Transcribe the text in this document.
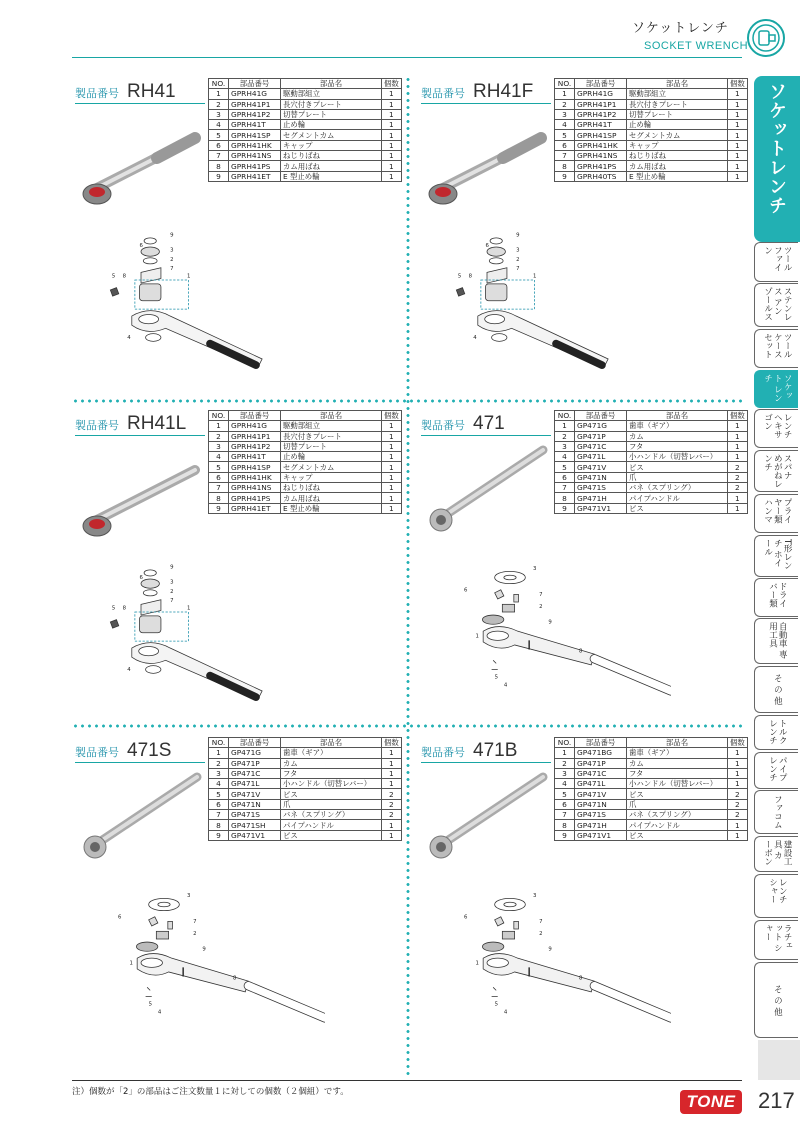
ソケットレンチ
SOCKET WRENCH
製品番号 RH41	NO.	部品番号	部品名	個数
1	GPRH41G	駆動部組立	1
2	GPRH41P1	長穴付きプレート	1
3	GPRH41P2	切替プレート	1
4	GPRH41T	止め輪	1
5	GPRH41SP	セグメントカム	1
6	GPRH41HK	キャップ	1
7	GPRH41NS	ねじりばね	1
8	GPRH41PS	カム用ばね	1
9	GPRH41ET	E 型止め輪	1
9
6
3
2
7
5 8	1
4
製品番号 RH41F	NO.	部品番号	部品名	個数
1	GPRH41G	駆動部組立	1
2	GPRH41P1	長穴付きプレート	1
3	GPRH41P2	切替プレート	1
4	GPRH41T	止め輪	1
5	GPRH41SP	セグメントカム	1
6	GPRH41HK	キャップ	1
7	GPRH41NS	ねじりばね	1
8	GPRH41PS	カム用ばね	1
9	GPRH40TS	E 型止め輪	1
9
6
3
2
7
5 8	1
4
製品番号 RH41L	NO.	部品番号	部品名	個数
1	GPRH41G	駆動部組立	1
2	GPRH41P1	長穴付きプレート	1
3	GPRH41P2	切替プレート	1
4	GPRH41T	止め輪	1
5	GPRH41SP	セグメントカム	1
6	GPRH41HK	キャップ	1
7	GPRH41NS	ねじりばね	1
8	GPRH41PS	カム用ばね	1
9	GPRH41ET	E 型止め輪	1
9
6
3
2
7
5 8	1
4
製品番号 471	NO.	部品番号	部品名	個数
1	GP471G	歯車（ギア）	1
2	GP471P	カム	1
3	GP471C	フタ	1
4	GP471L	小ハンドル（切替レバー）	1
5	GP471V	ビス	2
6	GP471N	爪	2
7	GP471S	バネ（スプリング）	2
8	GP471H	パイプハンドル	1
9	GP471V1	ビス	1
3
6
7
2
9
1
8
5
4
製品番号 471S	NO.	部品番号	部品名	個数
1	GP471G	歯車（ギア）	1
2	GP471P	カム	1
3	GP471C	フタ	1
4	GP471L	小ハンドル（切替レバー）	1
5	GP471V	ビス	2
6	GP471N	爪	2
7	GP471S	バネ（スプリング）	2
8	GP471SH	パイプハンドル	1
9	GP471V1	ビス	1
3
6
7
2
9
1
8
5
4
製品番号 471B	NO.	部品番号	部品名	個数
1	GP471BG	歯車（ギア）	1
2	GP471P	カム	1
3	GP471C	フタ	1
4	GP471L	小ハンドル（切替レバー）	1
5	GP471V	ビス	2
6	GP471N	爪	2
7	GP471S	バネ（スプリング）	2
8	GP471H	パイプハンドル	1
9	GP471V1	ビス	1
3
6
7
2
9
1
8
5
4
ソケットレンチ
ツール ファイン
ステンレス アンゾールス
ツールケース セット
ソケット レンチ
レンチ ヘキサゴン
スパナ めがねレンチ
プライヤー類 ハンマ
T形レンチ ホイール
ドライバー類
自動車 専用工具
そ の 他
トルクレンチ
パイプレンチ
ファコム
建設工具 カーボン
レンチ シャー
ラチェット シャー
そ の 他
注）個数が「2」の部品はご注文数量１に対しての個数（２個組）です。	TONE 217
